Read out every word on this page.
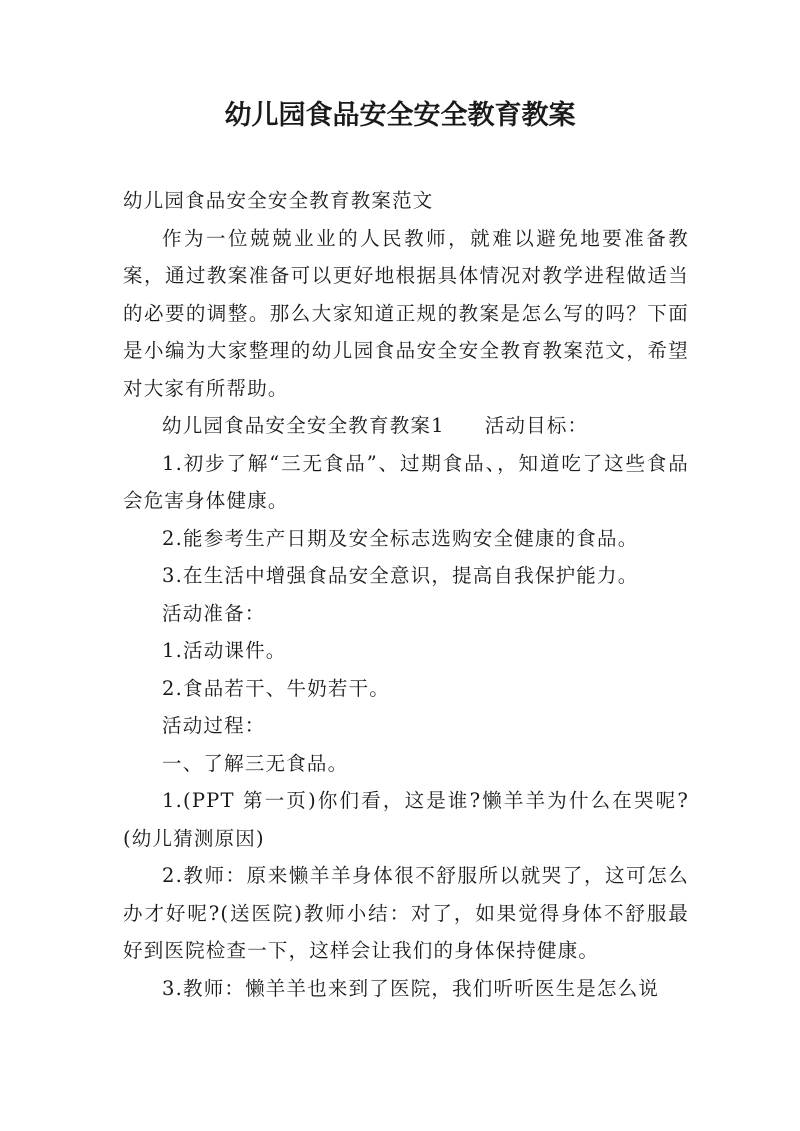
幼儿园食品安全安全教育教案

幼儿园食品安全安全教育教案范文

作为一位兢兢业业的人民教师，就难以避免地要准备教案，通过教案准备可以更好地根据具体情况对教学进程做适当的必要的调整。那么大家知道正规的教案是怎么写的吗？下面是小编为大家整理的幼儿园食品安全安全教育教案范文，希望对大家有所帮助。

幼儿园食品安全安全教育教案1 活动目标：

1.初步了解“三无食品”、过期食品、，知道吃了这些食品会危害身体健康。

2.能参考生产日期及安全标志选购安全健康的食品。

3.在生活中增强食品安全意识，提高自我保护能力。

活动准备：

1.活动课件。

2.食品若干、牛奶若干。

活动过程：

一、了解三无食品。

1.(PPT 第一页)你们看，这是谁?懒羊羊为什么在哭呢?(幼儿猜测原因)

2.教师：原来懒羊羊身体很不舒服所以就哭了，这可怎么办才好呢?(送医院)教师小结：对了，如果觉得身体不舒服最好到医院检查一下，这样会让我们的身体保持健康。

3.教师：懒羊羊也来到了医院，我们听听医生是怎么说
